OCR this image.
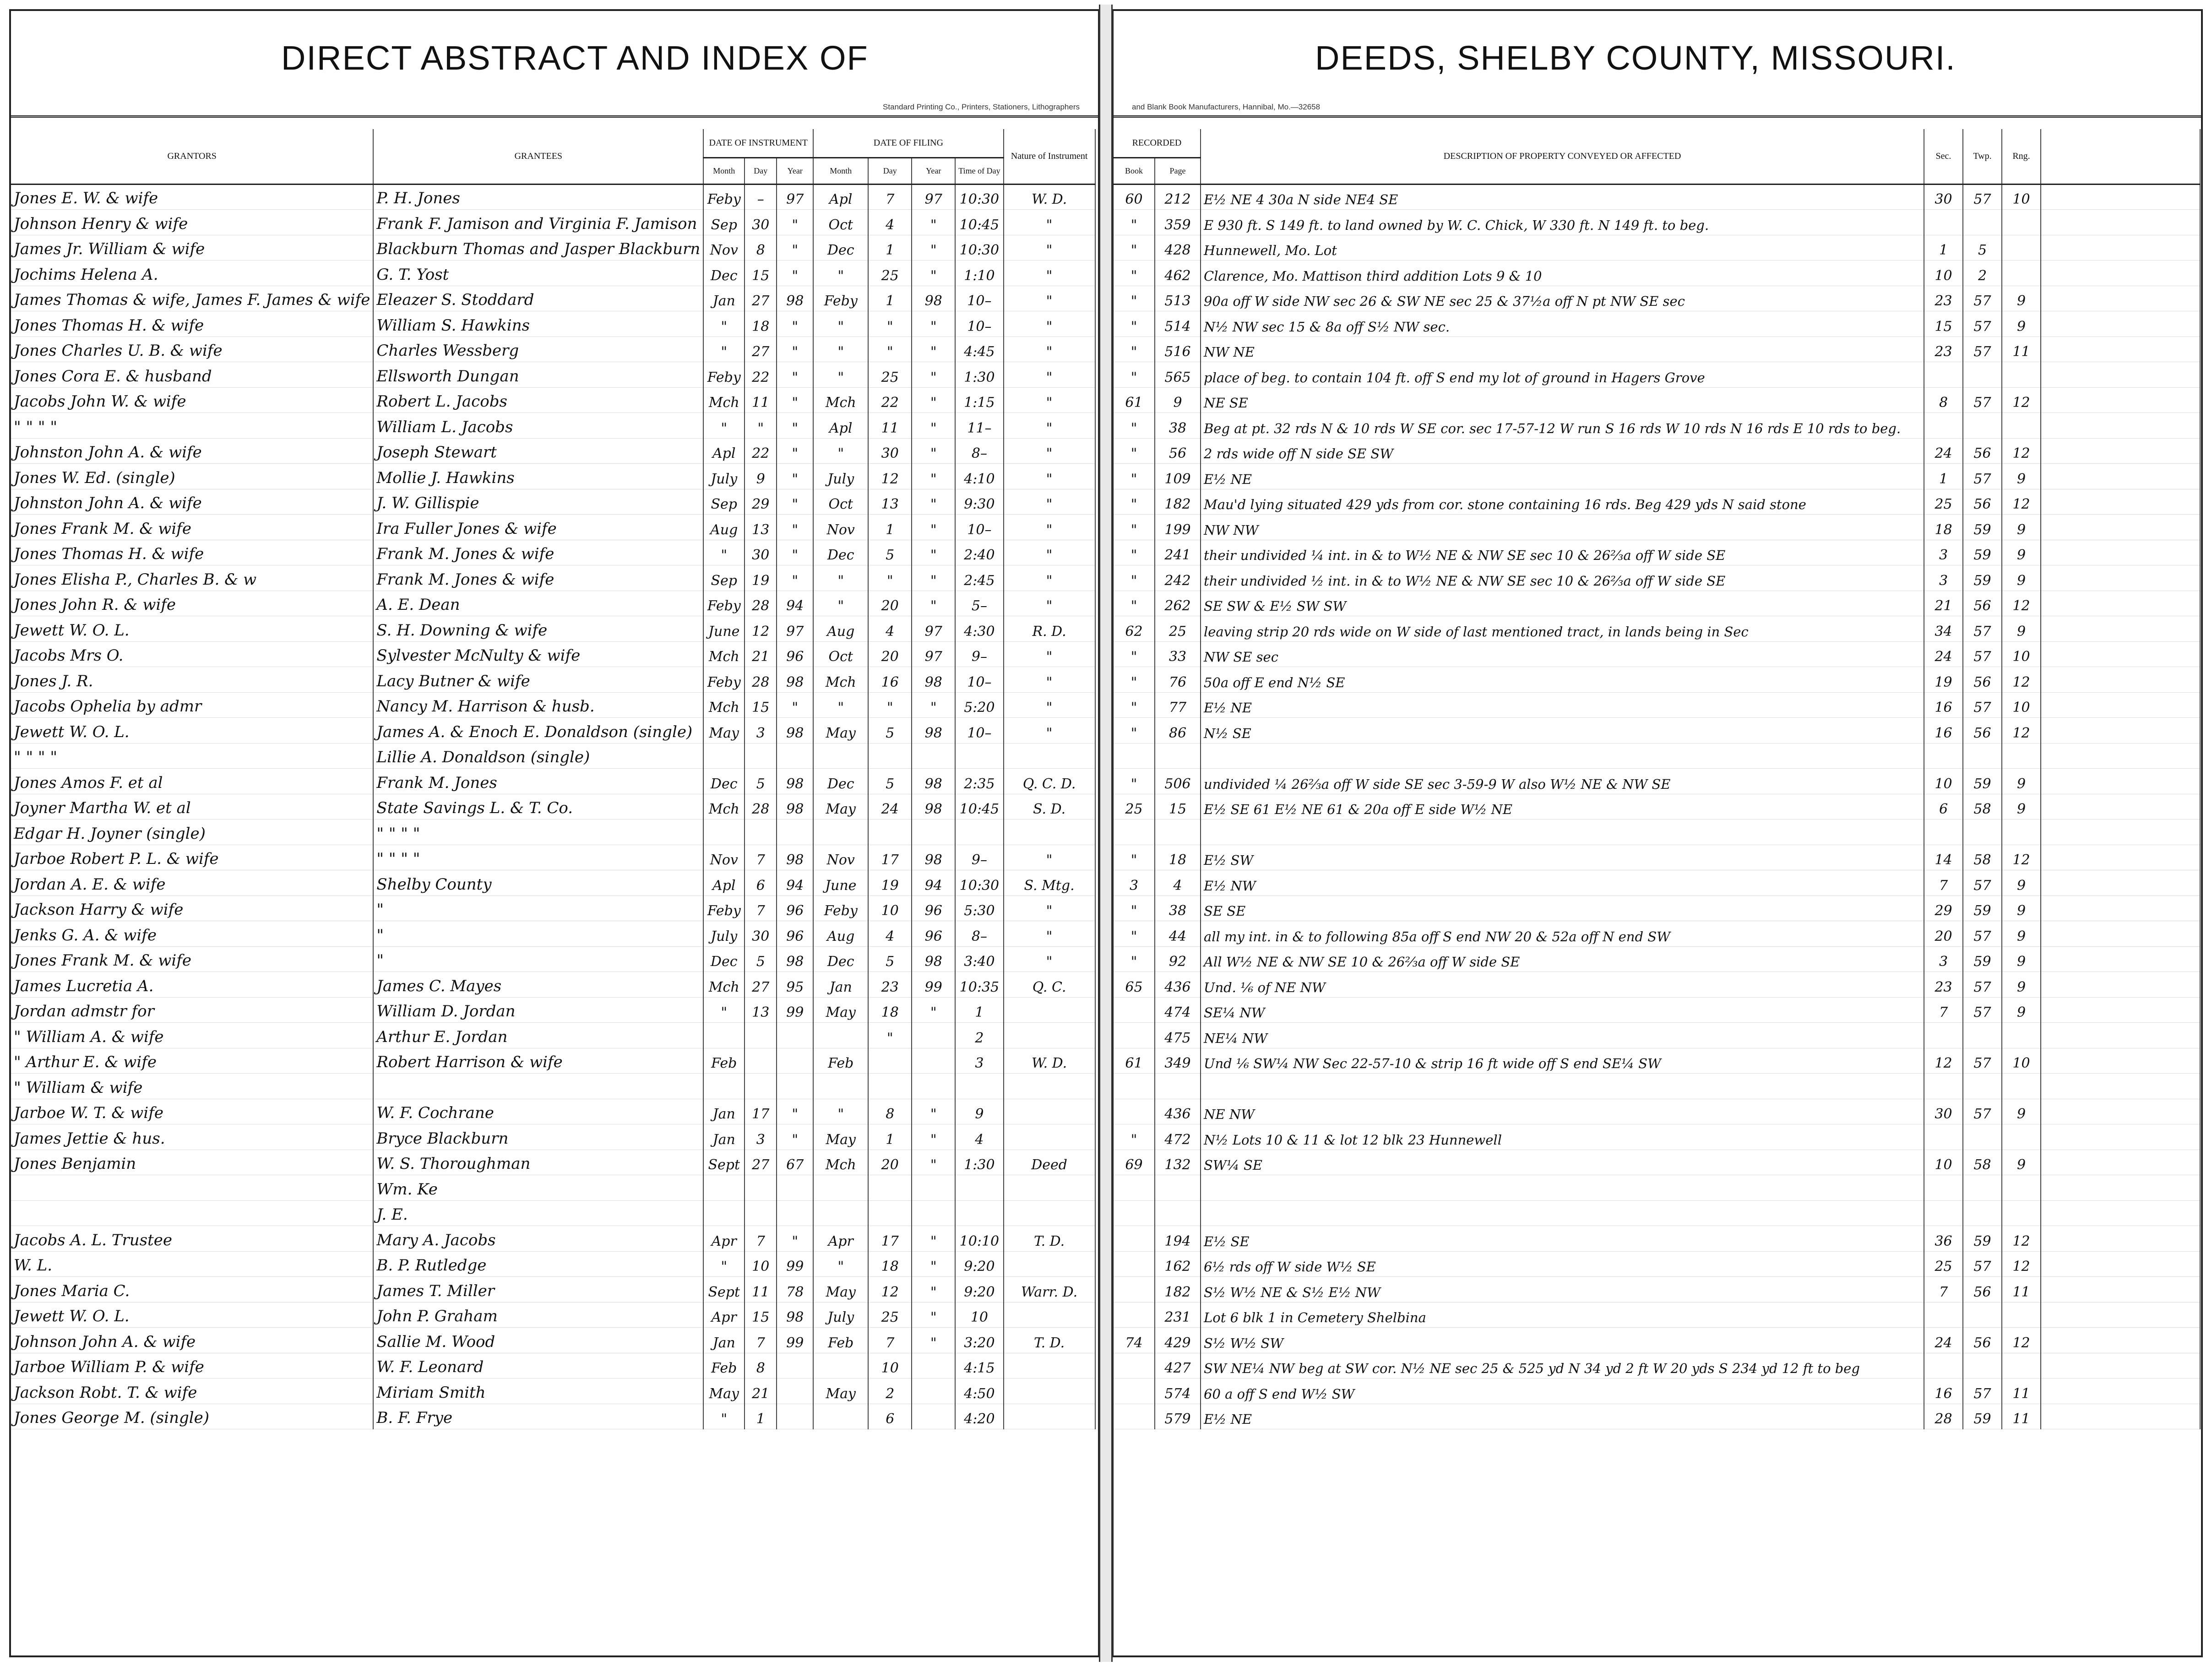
DIRECT ABSTRACT AND INDEX OF
Standard Printing Co., Printers, Stationers, Lithographers
GRANTORS	GRANTEES	DATE OF INSTRUMENT			DATE OF FILING				Nature of Instrument
		Month	Day	Year	Month	Day	Year	Time of Day	
Jones E. W. & wife	P. H. Jones	Feby	–	97	Apl	7	97	10:30	W. D.
Johnson Henry & wife	Frank F. Jamison and Virginia F. Jamison	Sep	30	"	Oct	4	"	10:45	"
James Jr. William & wife	Blackburn Thomas and Jasper Blackburn	Nov	8	"	Dec	1	"	10:30	"
Jochims Helena A.	G. T. Yost	Dec	15	"	"	25	"	1:10	"
James Thomas & wife, James F. James & wife	Eleazer S. Stoddard	Jan	27	98	Feby	1	98	10–	"
Jones Thomas H. & wife	William S. Hawkins	"	18	"	"	"	"	10–	"
Jones Charles U. B. & wife	Charles Wessberg	"	27	"	"	"	"	4:45	"
Jones Cora E. & husband	Ellsworth Dungan	Feby	22	"	"	25	"	1:30	"
Jacobs John W. & wife	Robert L. Jacobs	Mch	11	"	Mch	22	"	1:15	"
" " " "	William L. Jacobs	"	"	"	Apl	11	"	11–	"
Johnston John A. & wife	Joseph Stewart	Apl	22	"	"	30	"	8–	"
Jones W. Ed. (single)	Mollie J. Hawkins	July	9	"	July	12	"	4:10	"
Johnston John A. & wife	J. W. Gillispie	Sep	29	"	Oct	13	"	9:30	"
Jones Frank M. & wife	Ira Fuller Jones & wife	Aug	13	"	Nov	1	"	10–	"
Jones Thomas H. & wife	Frank M. Jones & wife	"	30	"	Dec	5	"	2:40	"
Jones Elisha P., Charles B. & w	Frank M. Jones & wife	Sep	19	"	"	"	"	2:45	"
Jones John R. & wife	A. E. Dean	Feby	28	94	"	20	"	5–	"
Jewett W. O. L.	S. H. Downing & wife	June	12	97	Aug	4	97	4:30	R. D.
Jacobs Mrs O.	Sylvester McNulty & wife	Mch	21	96	Oct	20	97	9–	"
Jones J. R.	Lacy Butner & wife	Feby	28	98	Mch	16	98	10–	"
Jacobs Ophelia by admr	Nancy M. Harrison & husb.	Mch	15	"	"	"	"	5:20	"
Jewett W. O. L.	James A. & Enoch E. Donaldson (single)	May	3	98	May	5	98	10–	"
" " " "	Lillie A. Donaldson (single)								
Jones Amos F. et al	Frank M. Jones	Dec	5	98	Dec	5	98	2:35	Q. C. D.
Joyner Martha W. et al	State Savings L. & T. Co.	Mch	28	98	May	24	98	10:45	S. D.
Edgar H. Joyner (single)	" " " "								
Jarboe Robert P. L. & wife	" " " "	Nov	7	98	Nov	17	98	9–	"
Jordan A. E. & wife	Shelby County	Apl	6	94	June	19	94	10:30	S. Mtg.
Jackson Harry & wife	"	Feby	7	96	Feby	10	96	5:30	"
Jenks G. A. & wife	"	July	30	96	Aug	4	96	8–	"
Jones Frank M. & wife	"	Dec	5	98	Dec	5	98	3:40	"
James Lucretia A.	James C. Mayes	Mch	27	95	Jan	23	99	10:35	Q. C.
Jordan admstr for	William D. Jordan	"	13	99	May	18	"	1	
" William A. & wife	Arthur E. Jordan					"		2	
" Arthur E. & wife	Robert Harrison & wife	Feb			Feb			3	W. D.
" William & wife									
Jarboe W. T. & wife	W. F. Cochrane	Jan	17	"	"	8	"	9	
James Jettie & hus.	Bryce Blackburn	Jan	3	"	May	1	"	4	
Jones Benjamin	W. S. Thoroughman	Sept	27	67	Mch	20	"	1:30	Deed
	Wm. Ke								
	J. E.								
Jacobs A. L. Trustee	Mary A. Jacobs	Apr	7	"	Apr	17	"	10:10	T. D.
W. L.	B. P. Rutledge	"	10	99	"	18	"	9:20	
Jones Maria C.	James T. Miller	Sept	11	78	May	12	"	9:20	Warr. D.
Jewett W. O. L.	John P. Graham	Apr	15	98	July	25	"	10	
Johnson John A. & wife	Sallie M. Wood	Jan	7	99	Feb	7	"	3:20	T. D.
Jarboe William P. & wife	W. F. Leonard	Feb	8			10		4:15	
Jackson Robt. T. & wife	Miriam Smith	May	21		May	2		4:50	
Jones George M. (single)	B. F. Frye	"	1			6		4:20	
DEEDS, SHELBY COUNTY, MISSOURI.
and Blank Book Manufacturers, Hannibal, Mo.—32658
RECORDED		DESCRIPTION OF PROPERTY CONVEYED OR AFFECTED	Sec.	Twp.	Rng.	
Book	Page					
60	212	E½ NE 4 30a N side NE4 SE	30	57	10	
"	359	E 930 ft. S 149 ft. to land owned by W. C. Chick, W 330 ft. N 149 ft. to beg.				
"	428	Hunnewell, Mo. Lot	1	5		
"	462	Clarence, Mo. Mattison third addition Lots 9 & 10	10	2		
"	513	90a off W side NW sec 26 & SW NE sec 25 & 37½a off N pt NW SE sec	23	57	9	
"	514	N½ NW sec 15 & 8a off S½ NW sec.	15	57	9	
"	516	NW NE	23	57	11	
"	565	place of beg. to contain 104 ft. off S end my lot of ground in Hagers Grove				
61	9	NE SE	8	57	12	
"	38	Beg at pt. 32 rds N & 10 rds W SE cor. sec 17-57-12 W run S 16 rds W 10 rds N 16 rds E 10 rds to beg.				
"	56	2 rds wide off N side SE SW	24	56	12	
"	109	E½ NE	1	57	9	
"	182	Mau'd lying situated 429 yds from cor. stone containing 16 rds. Beg 429 yds N said stone	25	56	12	
"	199	NW NW	18	59	9	
"	241	their undivided ¼ int. in & to W½ NE & NW SE sec 10 & 26⅔a off W side SE	3	59	9	
"	242	their undivided ½ int. in & to W½ NE & NW SE sec 10 & 26⅔a off W side SE	3	59	9	
"	262	SE SW & E½ SW SW	21	56	12	
62	25	leaving strip 20 rds wide on W side of last mentioned tract, in lands being in Sec	34	57	9	
"	33	NW SE sec	24	57	10	
"	76	50a off E end N½ SE	19	56	12	
"	77	E½ NE	16	57	10	
"	86	N½ SE	16	56	12	

"	506	undivided ¼ 26⅔a off W side SE sec 3-59-9 W also W½ NE & NW SE	10	59	9	
25	15	E½ SE 61 E½ NE 61 & 20a off E side W½ NE	6	58	9	

"	18	E½ SW	14	58	12	
3	4	E½ NW	7	57	9	
"	38	SE SE	29	59	9	
"	44	all my int. in & to following 85a off S end NW 20 & 52a off N end SW	20	57	9	
"	92	All W½ NE & NW SE 10 & 26⅔a off W side SE	3	59	9	
65	436	Und. ⅙ of NE NW	23	57	9	
	474	SE¼ NW	7	57	9	
	475	NE¼ NW				
61	349	Und ⅙ SW¼ NW Sec 22-57-10 & strip 16 ft wide off S end SE¼ SW	12	57	10	

	436	NE NW	30	57	9	
"	472	N½ Lots 10 & 11 & lot 12 blk 23 Hunnewell				
69	132	SW¼ SE	10	58	9	

	194	E½ SE	36	59	12	
	162	6½ rds off W side W½ SE	25	57	12	
	182	S½ W½ NE & S½ E½ NW	7	56	11	
	231	Lot 6 blk 1 in Cemetery Shelbina				
74	429	S½ W½ SW	24	56	12	
	427	SW NE¼ NW beg at SW cor. N½ NE sec 25 & 525 yd N 34 yd 2 ft W 20 yds S 234 yd 12 ft to beg				
	574	60 a off S end W½ SW	16	57	11	
	579	E½ NE	28	59	11	
